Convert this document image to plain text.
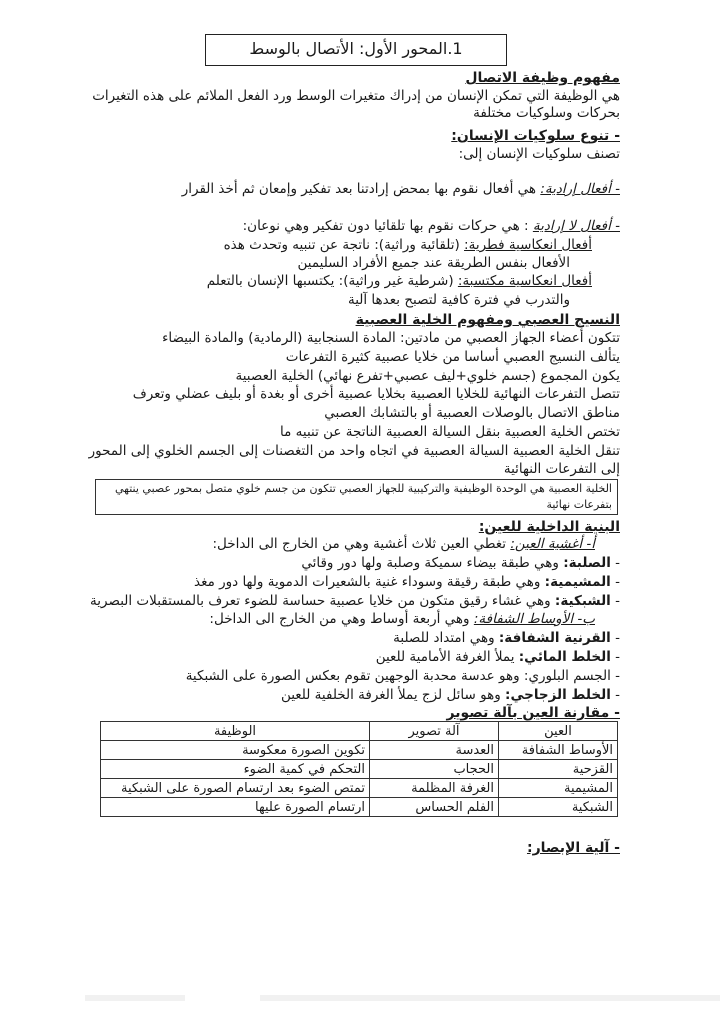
1.المحور الأول: الأتصال بالوسط
مفهوم وظيفة الاتصال
هي الوظيفة التي تمكن الإنسان من إدراك متغيرات الوسط ورد الفعل الملائم على هذه التغيرات
بحركات وسلوكيات مختلفة
- تنوع سلوكيات الإنسان:
تصنف سلوكيات الإنسان إلى:
- أفعال إرادية: هي أفعال نقوم بها بمحض إرادتنا بعد تفكير وإمعان ثم أخذ القرار
- أفعال لا إرادية : هي حركات نقوم بها تلقائيا دون تفكير وهي نوعان:
أفعال انعكاسية فطرية: (تلقائية وراثية): ناتجة عن تنبيه وتحدث هذه
الأفعال بنفس الطريقة عند جميع الأفراد السليمين
أفعال انعكاسية مكتسبة: (شرطية غير وراثية): يكتسبها الإنسان بالتعلم
والتدرب في فترة كافية لتصبح بعدها آلية
النسيج العصبي ومفهوم الخلية العصبية
تتكون أعضاء الجهاز العصبي من مادتين: المادة السنجابية (الرمادية) والمادة البيضاء
يتألف النسيج العصبي أساسا من خلايا عصبية كثيرة التفرعات
يكون المجموع (جسم خلوي+ليف عصبي+تفرع نهائي) الخلية العصبية
تتصل التفرعات النهائية للخلايا العصبية بخلايا عصبية أخرى أو بغدة أو بليف عضلي وتعرف
مناطق الاتصال بالوصلات العصبية أو بالتشابك العصبي
تختص الخلية العصبية بنقل السيالة العصبية الناتجة عن تنبيه ما
تنقل الخلية العصبية السيالة العصبية في اتجاه واحد من التغصنات إلى الجسم الخلوي إلى المحور
إلى التفرعات النهائية
الخلية العصبية هي الوحدة الوظيفية والتركيبية للجهاز العصبي تتكون من جسم خلوي متصل بمحور عصبي ينتهي بتفرعات نهائية
البنية الداخلية للعين:
أ- أغشية العين: تغطي العين ثلاث أغشية وهي من الخارج الى الداخل:
- الصلبة: وهي طبقة بيضاء سميكة وصلبة ولها دور وقائي
- المشيمية: وهي طبقة رقيقة وسوداء غنية بالشعيرات الدموية ولها دور مغذ
- الشبكية: وهي غشاء رقيق متكون من خلايا عصبية حساسة للضوء تعرف بالمستقبلات البصرية
ب- الأوساط الشفافة: وهي أربعة أوساط وهي من الخارج الى الداخل:
- القرنية الشفافة: وهي امتداد للصلبة
- الخلط المائي: يملأ الغرفة الأمامية للعين
- الجسم البلوري: وهو عدسة محدبة الوجهين تقوم بعكس الصورة على الشبكية
- الخلط الزجاجي: وهو سائل لزج يملأ الغرفة الخلفية للعين
- مقارنة العين بآلة تصوير
العين	آلة تصوير	الوظيفة
الأوساط الشفافة	العدسة	تكوين الصورة معكوسة
القزحية	الحجاب	التحكم في كمية الضوء
المشيمية	الغرفة المظلمة	تمتص الضوء بعد ارتسام الصورة على الشبكية
الشبكية	الفلم الحساس	ارتسام الصورة عليها
- آلية الإبصار:
